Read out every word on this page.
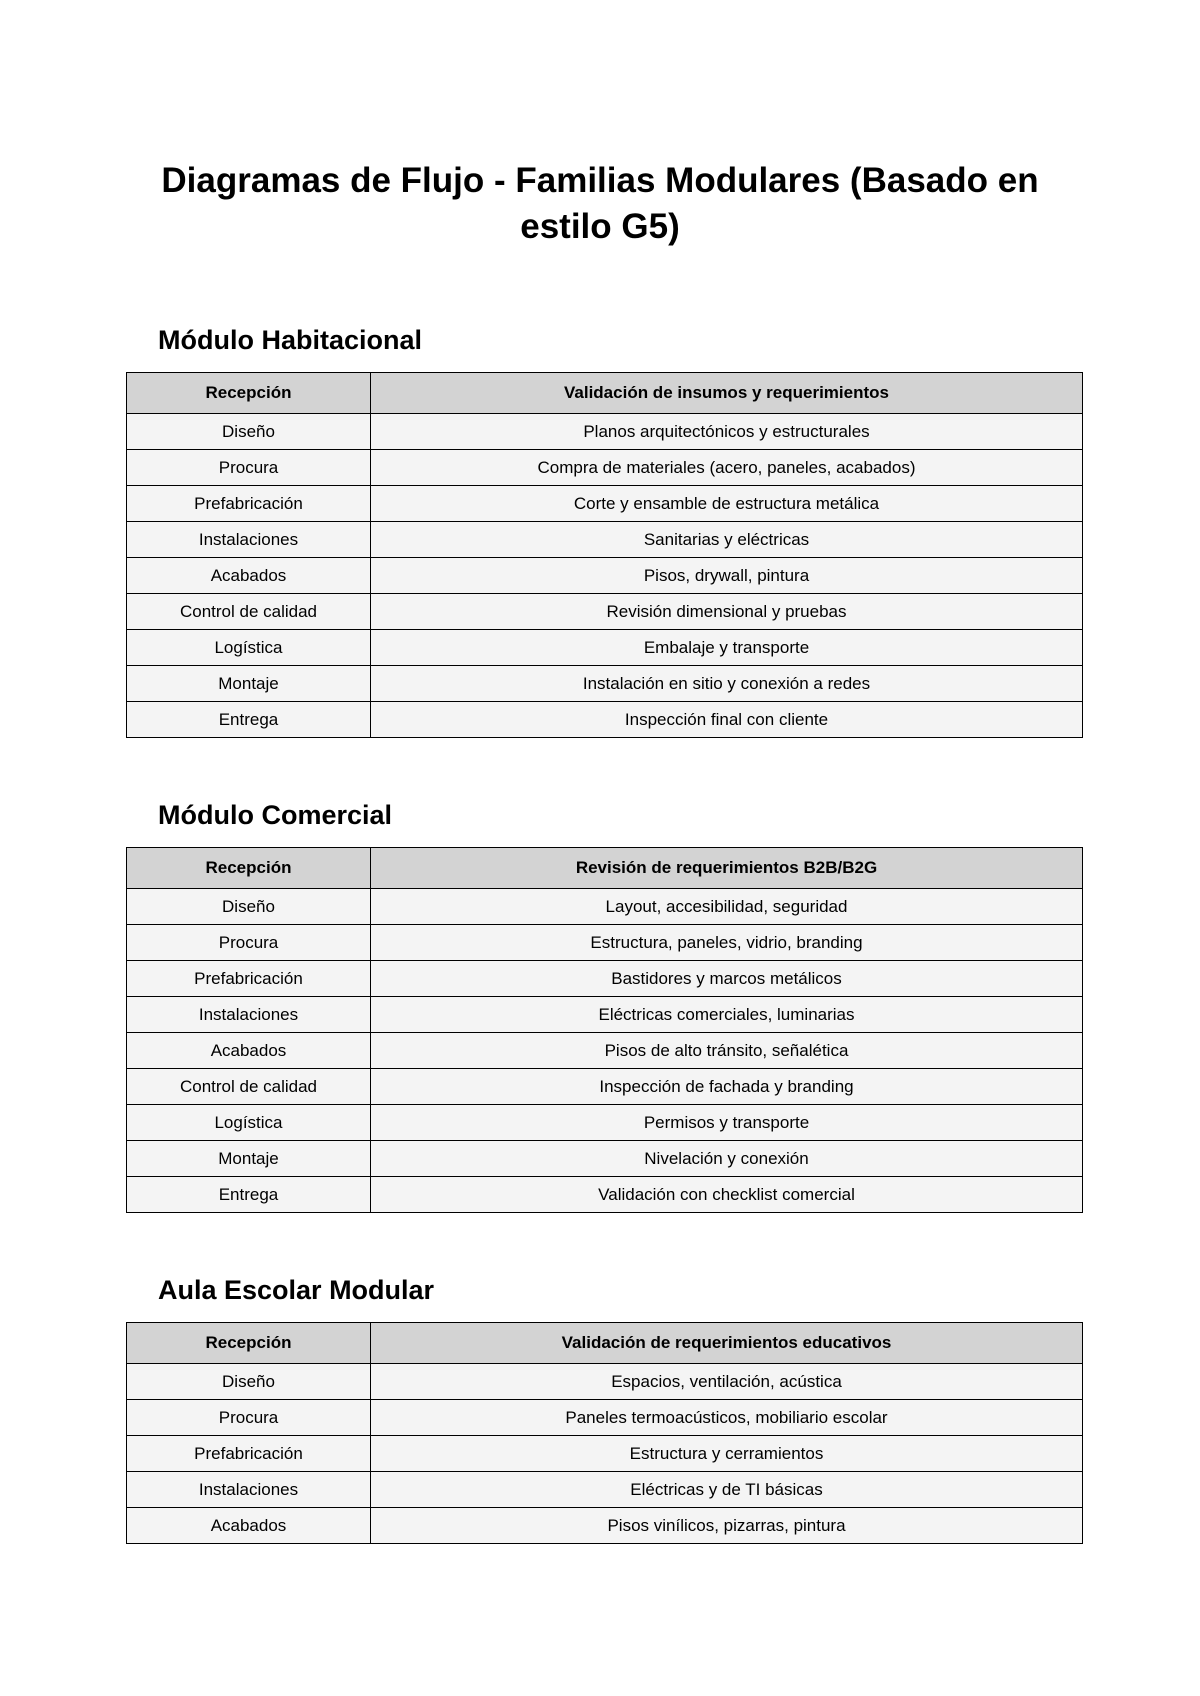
Diagramas de Flujo - Familias Modulares (Basado en estilo G5)
Módulo Habitacional
Recepción	Validación de insumos y requerimientos
Diseño	Planos arquitectónicos y estructurales
Procura	Compra de materiales (acero, paneles, acabados)
Prefabricación	Corte y ensamble de estructura metálica
Instalaciones	Sanitarias y eléctricas
Acabados	Pisos, drywall, pintura
Control de calidad	Revisión dimensional y pruebas
Logística	Embalaje y transporte
Montaje	Instalación en sitio y conexión a redes
Entrega	Inspección final con cliente
Módulo Comercial
Recepción	Revisión de requerimientos B2B/B2G
Diseño	Layout, accesibilidad, seguridad
Procura	Estructura, paneles, vidrio, branding
Prefabricación	Bastidores y marcos metálicos
Instalaciones	Eléctricas comerciales, luminarias
Acabados	Pisos de alto tránsito, señalética
Control de calidad	Inspección de fachada y branding
Logística	Permisos y transporte
Montaje	Nivelación y conexión
Entrega	Validación con checklist comercial
Aula Escolar Modular
Recepción	Validación de requerimientos educativos
Diseño	Espacios, ventilación, acústica
Procura	Paneles termoacústicos, mobiliario escolar
Prefabricación	Estructura y cerramientos
Instalaciones	Eléctricas y de TI básicas
Acabados	Pisos vinílicos, pizarras, pintura
